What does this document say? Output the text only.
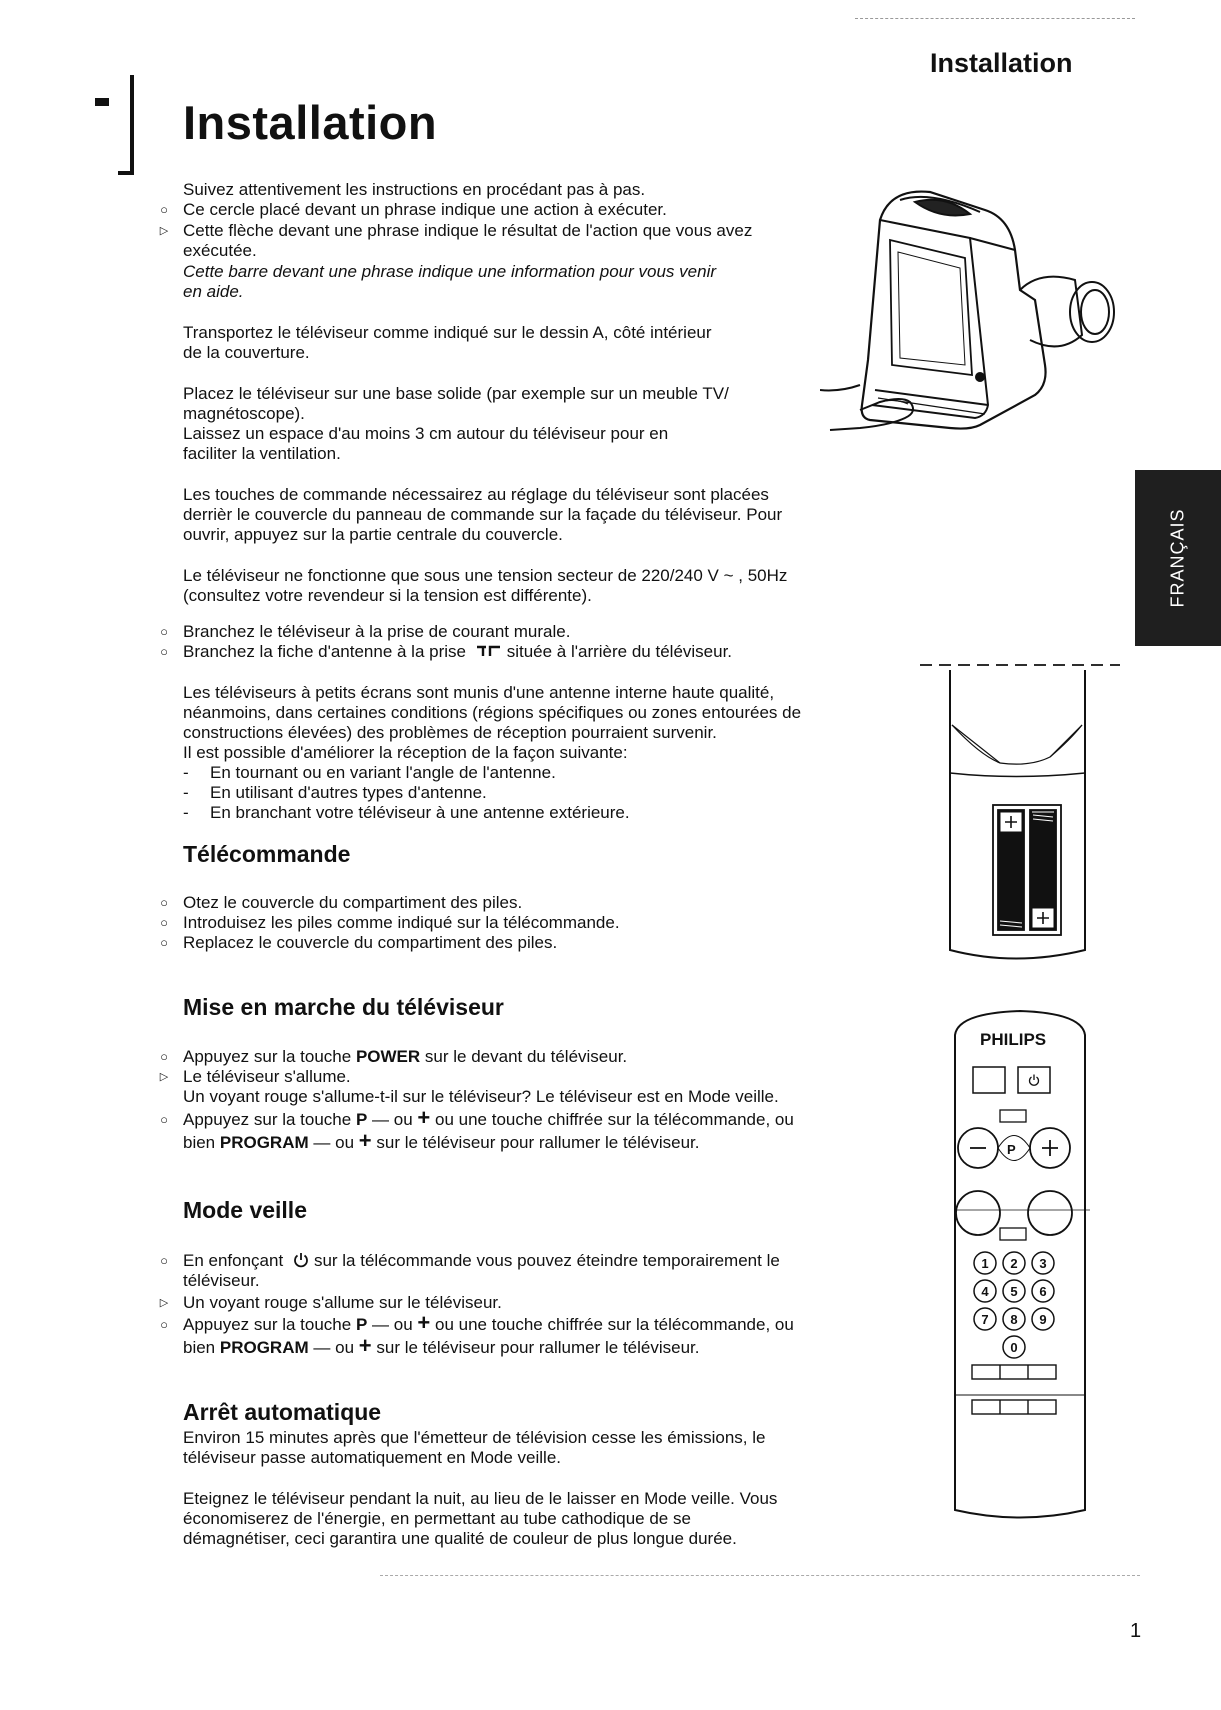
Installation
Installation
FRANÇAIS
1
Suivez attentivement les instructions en procédant pas à pas.
○ Ce cercle placé devant un phrase indique une action à exécuter.
▷ Cette flèche devant une phrase indique le résultat de l'action que vous avez
exécutée.
Cette barre devant une phrase indique une information pour vous venir
en aide.
Transportez le téléviseur comme indiqué sur le dessin A, côté intérieur
de la couverture.
Placez le téléviseur sur une base solide (par exemple sur un meuble TV/
magnétoscope).
Laissez un espace d'au moins 3 cm autour du téléviseur pour en
faciliter la ventilation.
Les touches de commande nécessairez au réglage du téléviseur sont placées
derrièr le couvercle du panneau de commande sur la façade du téléviseur. Pour
ouvrir, appuyez sur la partie centrale du couvercle.
Le téléviseur ne fonctionne que sous une tension secteur de 220/240 V ~ , 50Hz
(consultez votre revendeur si la tension est différente).
○ Branchez le téléviseur à la prise de courant murale.
○ Branchez la fiche d'antenne à la prise située à l'arrière du téléviseur.
Les téléviseurs à petits écrans sont munis d'une antenne interne haute qualité,
néanmoins, dans certaines conditions (régions spécifiques ou zones entourées de
constructions élevées) des problèmes de réception pourraient survenir.
Il est possible d'améliorer la réception de la façon suivante:
- En tournant ou en variant l'angle de l'antenne.
- En utilisant d'autres types d'antenne.
- En branchant votre téléviseur à une antenne extérieure.
Télécommande
○ Otez le couvercle du compartiment des piles.
○ Introduisez les piles comme indiqué sur la télécommande.
○ Replacez le couvercle du compartiment des piles.
Mise en marche du téléviseur
○ Appuyez sur la touche POWER sur le devant du téléviseur.
▷ Le téléviseur s'allume.
Un voyant rouge s'allume-t-il sur le téléviseur? Le téléviseur est en Mode veille.
○ Appuyez sur la touche P — ou + ou une touche chiffrée sur la télécommande, ou
bien PROGRAM — ou + sur le téléviseur pour rallumer le téléviseur.
Mode veille
○ En enfonçant sur la télécommande vous pouvez éteindre temporairement le
téléviseur.
▷ Un voyant rouge s'allume sur le téléviseur.
○ Appuyez sur la touche P — ou + ou une touche chiffrée sur la télécommande, ou
bien PROGRAM — ou + sur le téléviseur pour rallumer le téléviseur.
Arrêt automatique
Environ 15 minutes après que l'émetteur de télévision cesse les émissions, le
téléviseur passe automatiquement en Mode veille.
Eteignez le téléviseur pendant la nuit, au lieu de le laisser en Mode veille. Vous
économiserez de l'énergie, en permettant au tube cathodique de se
démagnétiser, ceci garantira une qualité de couleur de plus longue durée.
PHILIPS
P
1 2 3
4 5 6
7 8 9
0
